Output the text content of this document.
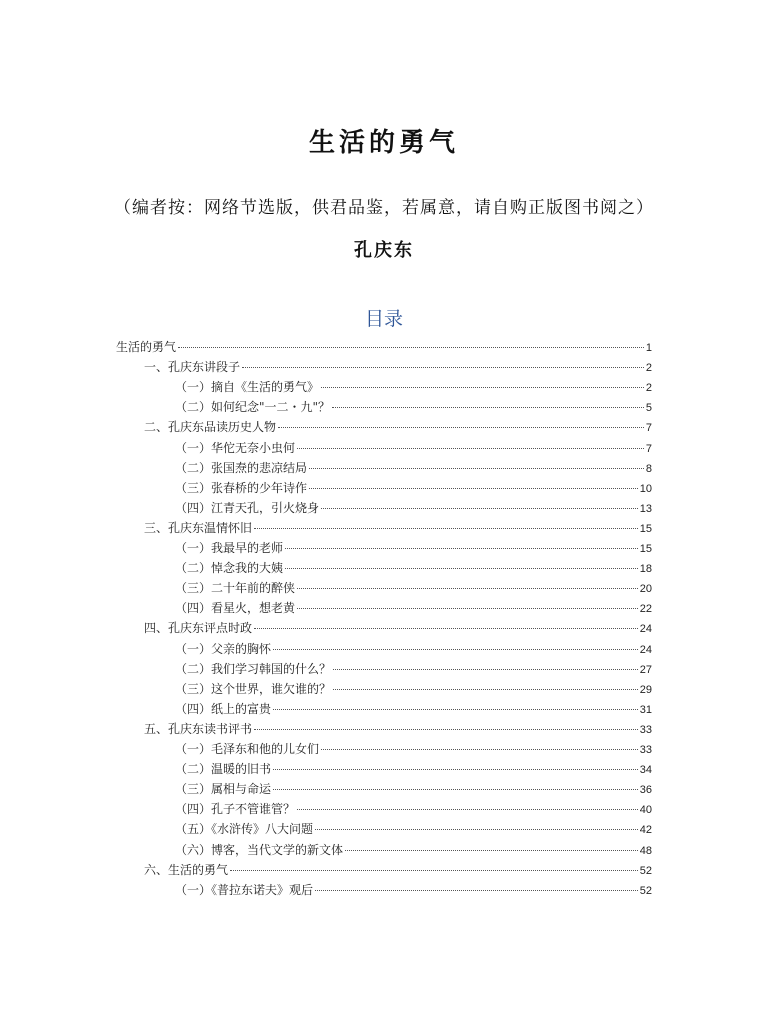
生活的勇气
（编者按：网络节选版，供君品鉴，若属意，请自购正版图书阅之）
孔庆东
目录
生活的勇气	1
一、孔庆东讲段子	2
（一）摘自《生活的勇气》	2
（二）如何纪念"一二・九"？	5
二、孔庆东品读历史人物	7
（一）华佗无奈小虫何	7
（二）张国焘的悲凉结局	8
（三）张春桥的少年诗作	10
（四）江青天孔，引火烧身	13
三、孔庆东温情怀旧	15
（一）我最早的老师	15
（二）悼念我的大姨	18
（三）二十年前的醉侠	20
（四）看星火，想老黄	22
四、孔庆东评点时政	24
（一）父亲的胸怀	24
（二）我们学习韩国的什么？	27
（三）这个世界，谁欠谁的？	29
（四）纸上的富贵	31
五、孔庆东读书评书	33
（一）毛泽东和他的儿女们	33
（二）温暖的旧书	34
（三）属相与命运	36
（四）孔子不管谁管？	40
（五）《水浒传》八大问题	42
（六）博客，当代文学的新文体	48
六、生活的勇气	52
（一）《普拉东诺夫》观后	52
